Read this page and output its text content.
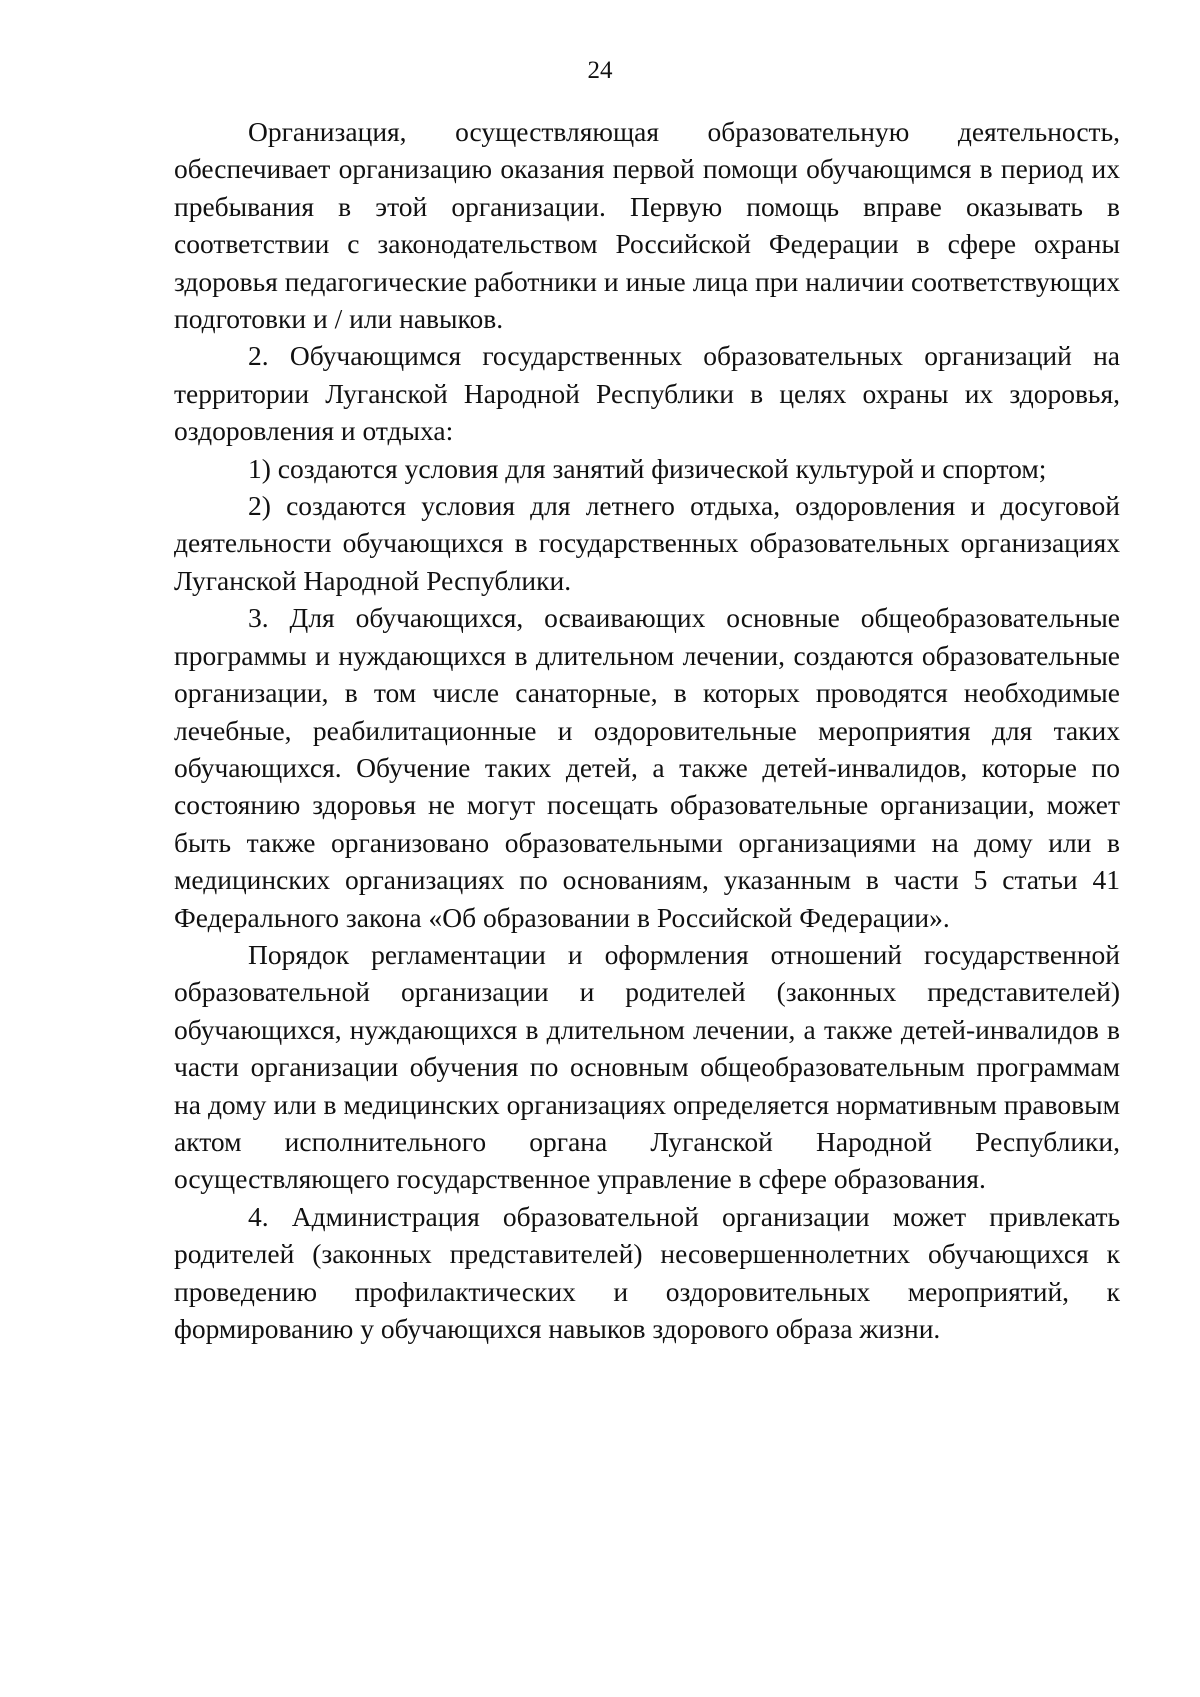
24

Организация, осуществляющая образовательную деятельность, обеспечивает организацию оказания первой помощи обучающимся в период их пребывания в этой организации. Первую помощь вправе оказывать в соответствии с законодательством Российской Федерации в сфере охраны здоровья педагогические работники и иные лица при наличии соответствующих подготовки и / или навыков.

2. Обучающимся государственных образовательных организаций на территории Луганской Народной Республики в целях охраны их здоровья, оздоровления и отдыха:

1) создаются условия для занятий физической культурой и спортом;

2) создаются условия для летнего отдыха, оздоровления и досуговой деятельности обучающихся в государственных образовательных организациях Луганской Народной Республики.

3. Для обучающихся, осваивающих основные общеобразовательные программы и нуждающихся в длительном лечении, создаются образовательные организации, в том числе санаторные, в которых проводятся необходимые лечебные, реабилитационные и оздоровительные мероприятия для таких обучающихся. Обучение таких детей, а также детей-инвалидов, которые по состоянию здоровья не могут посещать образовательные организации, может быть также организовано образовательными организациями на дому или в медицинских организациях по основаниям, указанным в части 5 статьи 41 Федерального закона «Об образовании в Российской Федерации».

Порядок регламентации и оформления отношений государственной образовательной организации и родителей (законных представителей) обучающихся, нуждающихся в длительном лечении, а также детей-инвалидов в части организации обучения по основным общеобразовательным программам на дому или в медицинских организациях определяется нормативным правовым актом исполнительного органа Луганской Народной Республики, осуществляющего государственное управление в сфере образования.

4. Администрация образовательной организации может привлекать родителей (законных представителей) несовершеннолетних обучающихся к проведению профилактических и оздоровительных мероприятий, к формированию у обучающихся навыков здорового образа жизни.
